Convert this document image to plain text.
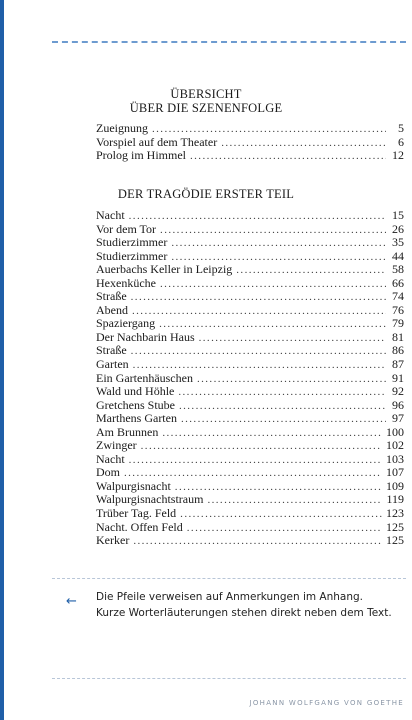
ÜBERSICHT
ÜBER DIE SZENENFOLGE
Zueignung .....	5
Vorspiel auf dem Theater .....	6
Prolog im Himmel .....	12
DER TRAGÖDIE ERSTER TEIL
Nacht .....	15
Vor dem Tor .....	26
Studierzimmer .....	35
Studierzimmer .....	44
Auerbachs Keller in Leipzig .....	58
Hexenküche .....	66
Straße .....	74
Abend .....	76
Spaziergang .....	79
Der Nachbarin Haus .....	81
Straße .....	86
Garten .....	87
Ein Gartenhäuschen .....	91
Wald und Höhle .....	92
Gretchens Stube .....	96
Marthens Garten .....	97
Am Brunnen .....	100
Zwinger .....	102
Nacht .....	103
Dom .....	107
Walpurgisnacht .....	109
Walpurgisnachtstraum .....	119
Trüber Tag. Feld .....	123
Nacht. Offen Feld .....	125
Kerker .....	125
← Die Pfeile verweisen auf Anmerkungen im Anhang.
Kurze Worterläuterungen stehen direkt neben dem Text.
JOHANN WOLFGANG VON GOETHE
